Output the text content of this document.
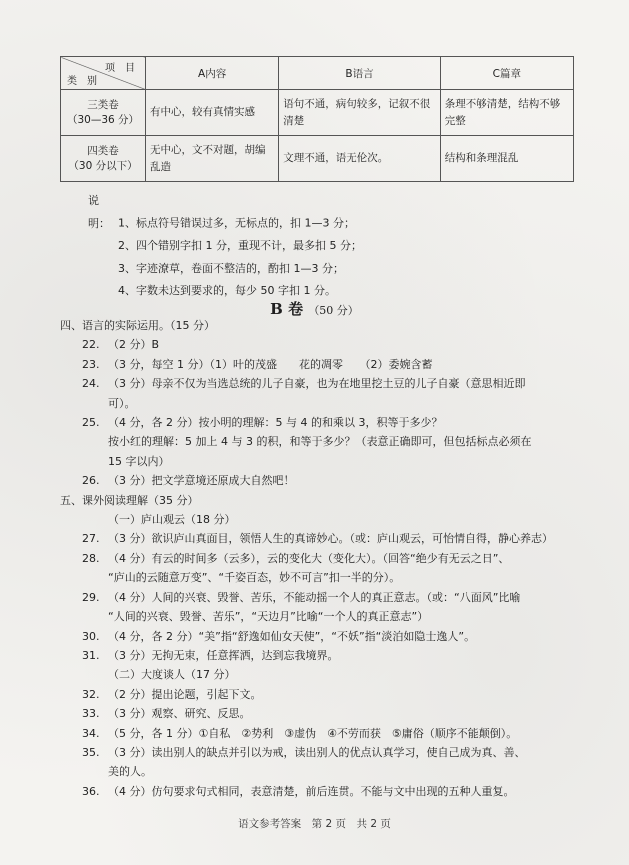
项　目
类　别	A内容	B语言	C篇章

三类卷
（30—36 分）	有中心，较有真情实感	语句不通，病句较多，记叙不很清楚	条理不够清楚，结构不够完整

四类卷
（30 分以下）	无中心，文不对题，胡编乱造	文理不通，语无伦次。	结构和条理混乱
说明： 1、标点符号错误过多，无标点的，扣 1—3 分；
2、四个错别字扣 1 分，重现不计，最多扣 5 分；
3、字迹潦草，卷面不整洁的，酌扣 1—3 分；
4、字数未达到要求的，每少 50 字扣 1 分。
B 卷 （50 分）
四、语言的实际运用。（15 分）
22. （2 分）B
23. （3 分，每空 1 分）（1）叶的茂盛　　花的凋零　　（2）委婉含蓄
24. （3 分）母亲不仅为当选总统的儿子自豪，也为在地里挖土豆的儿子自豪（意思相近即
可）。
25. （4 分，各 2 分）按小明的理解：5 与 4 的和乘以 3，积等于多少？
按小红的理解：5 加上 4 与 3 的积，和等于多少？（表意正确即可，但包括标点必须在
15 字以内）
26. （3 分）把文学意境还原成大自然吧！
五、课外阅读理解（35 分）
（一）庐山观云（18 分）
27. （3 分）欲识庐山真面目，领悟人生的真谛妙心。（或：庐山观云，可怡情自得，静心养志）
28. （4 分）有云的时间多（云多），云的变化大（变化大）。（回答“绝少有无云之日”、
“庐山的云随意万变”、“千姿百态，妙不可言”扣一半的分）。
29. （4 分）人间的兴衰、毁誉、苦乐，不能动摇一个人的真正意志。（或：“八面风”比喻
“人间的兴衰、毁誉、苦乐”，“天边月”比喻“一个人的真正意志”）
30. （4 分，各 2 分）“美”指“舒逸如仙女天使”，“不妖”指“淡泊如隐士逸人”。
31. （3 分）无拘无束，任意挥洒，达到忘我境界。
（二）大度谈人（17 分）
32. （2 分）提出论题，引起下文。
33. （3 分）观察、研究、反思。
34. （5 分，各 1 分）①自私　②势利　③虚伪　④不劳而获　⑤庸俗（顺序不能颠倒）。
35. （3 分）读出别人的缺点并引以为戒，读出别人的优点认真学习，使自己成为真、善、
美的人。
36. （4 分）仿句要求句式相同，表意清楚，前后连贯。不能与文中出现的五种人重复。
语文参考答案　第 2 页　共 2 页
